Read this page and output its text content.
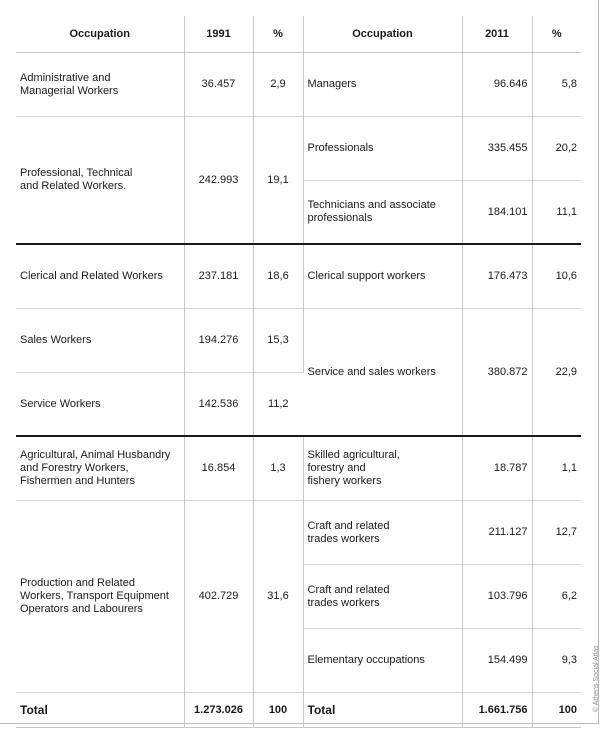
Occupation	1991	%	Occupation	2011	%
Administrative and
Managerial Workers	36.457	2,9	Managers	96.646	5,8
Professional, Technical
and Related Workers.	242.993	19,1	Professionals	335.455	20,2
			Technicians and associate
professionals	184.101	11,1
Clerical and Related Workers	237.181	18,6	Clerical support workers	176.473	10,6
Sales Workers	194.276	15,3	Service and sales workers	380.872	22,9
Service Workers	142.536	11,2			
Agricultural, Animal Husbandry
and Forestry Workers,
Fishermen and Hunters	16.854	1,3	Skilled agricultural,
forestry and
fishery workers	18.787	1,1
Production and Related
Workers, Transport Equipment
Operators and Labourers	402.729	31,6	Craft and related
trades workers	211.127	12,7
			Craft and related
trades workers	103.796	6,2
			Elementary occupations	154.499	9,3
Total	1.273.026	100	Total	1.661.756	100 © Athens Social Atlas
